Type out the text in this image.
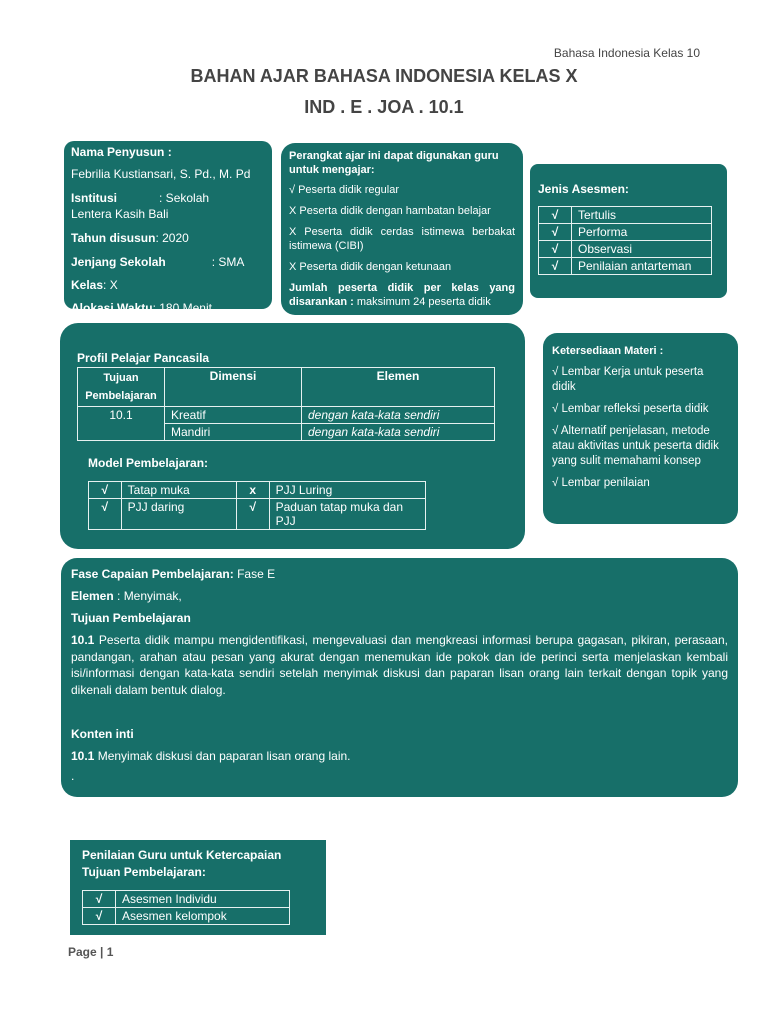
Bahasa Indonesia Kelas 10
BAHAN AJAR BAHASA INDONESIA KELAS X
IND . E . JOA . 10.1
Nama Penyusun :
Febrilia Kustiansari, S. Pd., M. Pd
Isntitusi	: Sekolah
Lentera Kasih Bali
Tahun disusun: 2020
Jenjang Sekolah	: SMA
Kelas: X
Alokasi Waktu: 180 Menit
Perangkat ajar ini dapat digunakan guru untuk mengajar:
√ Peserta didik regular
X Peserta didik dengan hambatan belajar
X Peserta didik cerdas istimewa berbakat istimewa (CIBI)
X Peserta didik dengan ketunaan
Jumlah peserta didik per kelas yang disarankan : maksimum 24 peserta didik
Jenis Asesmen:
√	Tertulis
√	Performa
√	Observasi
√	Penilaian antarteman
Profil Pelajar Pancasila
Tujuan Pembelajaran	Dimensi	Elemen
10.1	Kreatif	dengan kata-kata sendiri
	Mandiri	dengan kata-kata sendiri
Model Pembelajaran:
√	Tatap muka	x	PJJ Luring
√	PJJ daring	√	Paduan tatap muka dan PJJ
Ketersediaan Materi :
√ Lembar Kerja untuk peserta didik
√ Lembar refleksi peserta didik
√ Alternatif penjelasan, metode atau aktivitas untuk peserta didik yang sulit memahami konsep
√ Lembar penilaian
Fase Capaian Pembelajaran: Fase E
Elemen : Menyimak,
Tujuan Pembelajaran

10.1 Peserta didik mampu mengidentifikasi, mengevaluasi dan mengkreasi informasi berupa gagasan, pikiran, perasaan, pandangan, arahan atau pesan yang akurat dengan menemukan ide pokok dan ide perinci serta menjelaskan kembali isi/informasi dengan kata-kata sendiri setelah menyimak diskusi dan paparan lisan orang lain terkait dengan topik yang dikenali dalam bentuk dialog.

Konten inti
10.1 Menyimak diskusi dan paparan lisan orang lain.
.
Penilaian Guru untuk Ketercapaian Tujuan Pembelajaran:
√	Asesmen Individu
√	Asesmen kelompok
Page | 1
